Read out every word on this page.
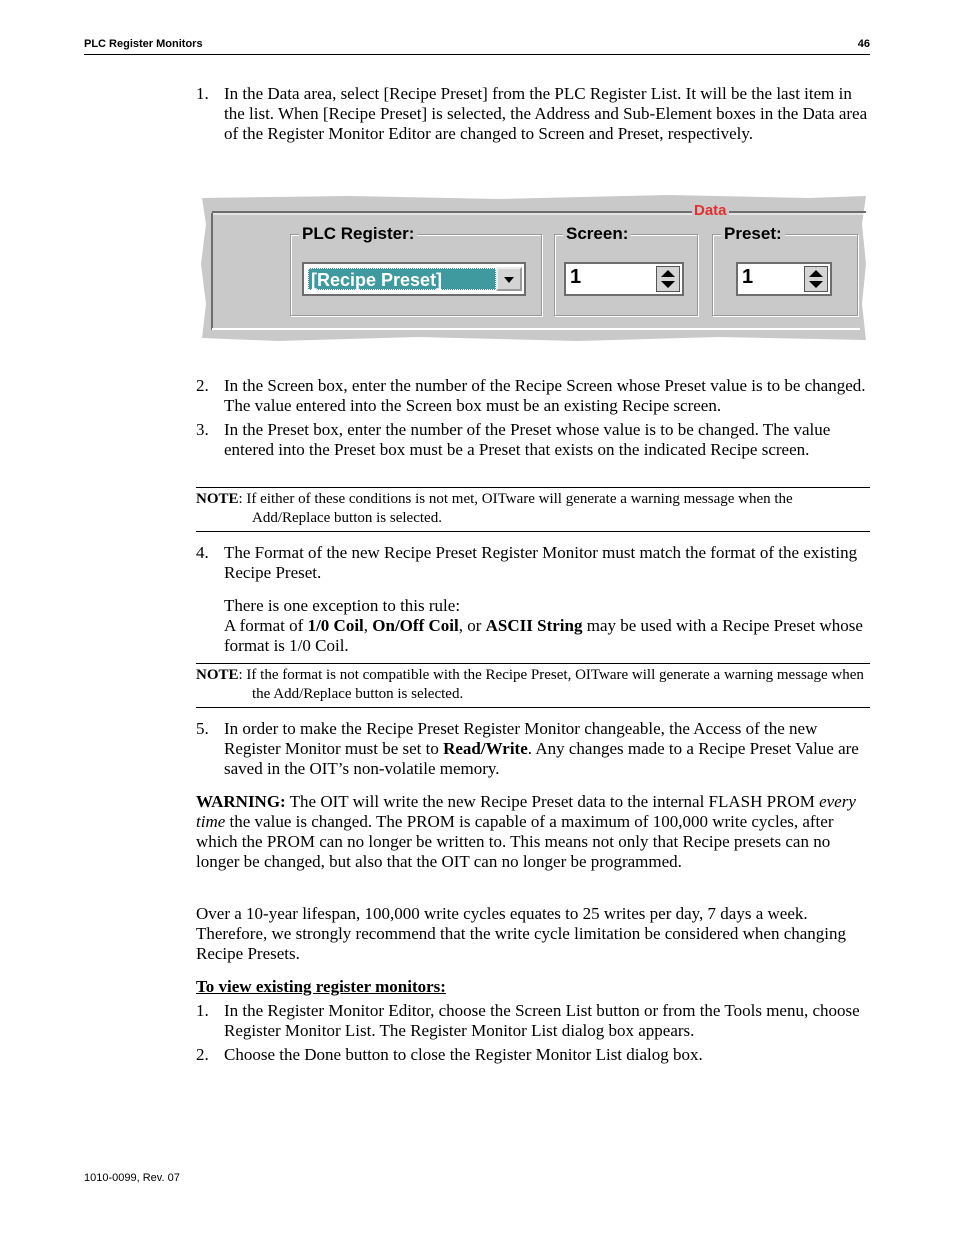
PLC Register Monitors	46
1. In the Data area, select [Recipe Preset] from the PLC Register List. It will be the last item in the list. When [Recipe Preset] is selected, the Address and Sub-Element boxes in the Data area of the Register Monitor Editor are changed to Screen and Preset, respectively.
Data
PLC Register:
[Recipe Preset]
Screen:
1
Preset:
1
2. In the Screen box, enter the number of the Recipe Screen whose Preset value is to be changed. The value entered into the Screen box must be an existing Recipe screen.
3. In the Preset box, enter the number of the Preset whose value is to be changed. The value entered into the Preset box must be a Preset that exists on the indicated Recipe screen.
NOTE: If either of these conditions is not met, OITware will generate a warning message when the Add/Replace button is selected.
4. The Format of the new Recipe Preset Register Monitor must match the format of the existing Recipe Preset.
There is one exception to this rule:
A format of 1/0 Coil, On/Off Coil, or ASCII String may be used with a Recipe Preset whose format is 1/0 Coil.
NOTE: If the format is not compatible with the Recipe Preset, OITware will generate a warning message when the Add/Replace button is selected.
5. In order to make the Recipe Preset Register Monitor changeable, the Access of the new Register Monitor must be set to Read/Write. Any changes made to a Recipe Preset Value are saved in the OIT’s non-volatile memory.
WARNING: The OIT will write the new Recipe Preset data to the internal FLASH PROM every time the value is changed. The PROM is capable of a maximum of 100,000 write cycles, after which the PROM can no longer be written to. This means not only that Recipe presets can no longer be changed, but also that the OIT can no longer be programmed.
Over a 10-year lifespan, 100,000 write cycles equates to 25 writes per day, 7 days a week. Therefore, we strongly recommend that the write cycle limitation be considered when changing Recipe Presets.
To view existing register monitors:
1. In the Register Monitor Editor, choose the Screen List button or from the Tools menu, choose Register Monitor List. The Register Monitor List dialog box appears.
2. Choose the Done button to close the Register Monitor List dialog box.
1010-0099, Rev. 07
